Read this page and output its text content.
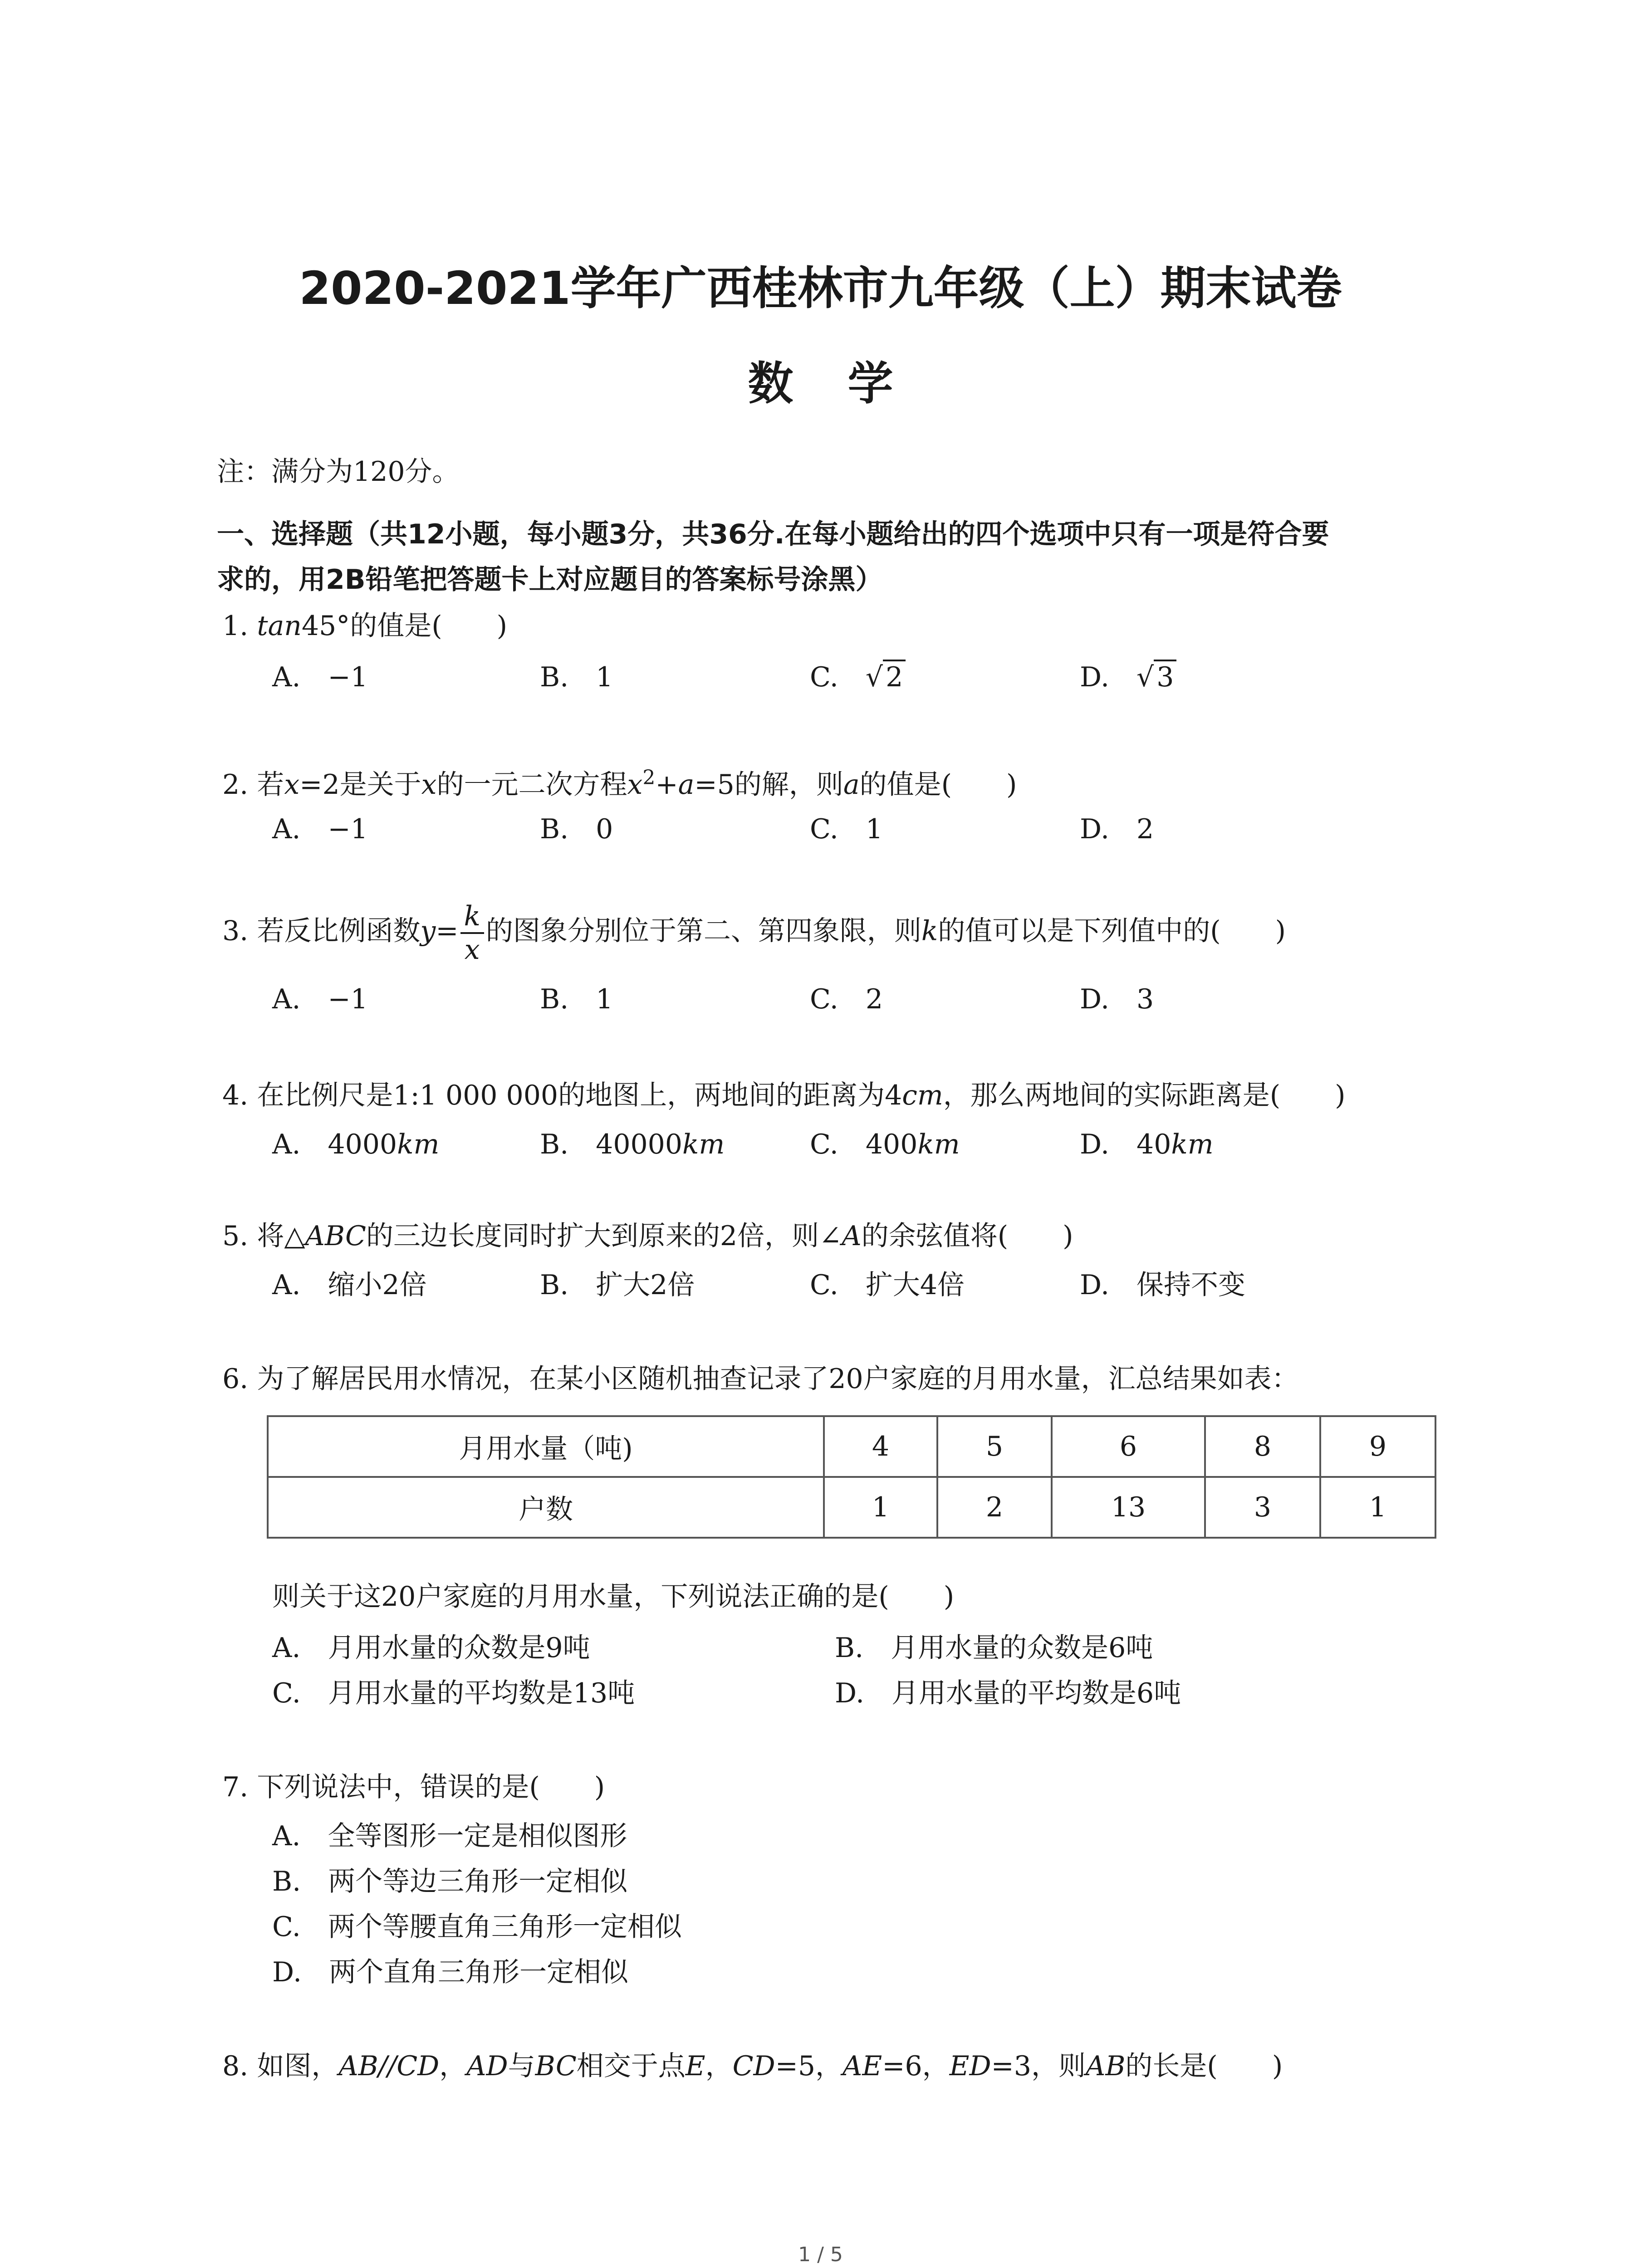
2020-2021学年广西桂林市九年级（上）期末试卷
数学
注：满分为120分。
一、选择题（共12小题，每小题3分，共36分.在每小题给出的四个选项中只有一项是符合要
求的，用2B铅笔把答题卡上对应题目的答案标号涂黑）
1. tan45°的值是(　　)
A.　−1	B.　1	C.　 √ 2	D.　 √ 3
2. 若x=2是关于x的一元二次方程$x^2+a=5$的解，则a的值是(　　)
A.　−1	B.　0	C.　1	D.　2
3. 若反比例函数$y= \frac{k}{x}$ 的图象分别位于第二、第四象限，则k的值可以是下列值中的(　　)
A.　−1	B.　1	C.　2	D.　3
4. 在比例尺是1:1 000 000的地图上，两地间的距离为4cm，那么两地间的实际距离是(　　)
A.　4000km	B.　40000km	C.　400km	D.　40km
5. 将△ABC的三边长度同时扩大到原来的2倍，则∠A的余弦值将(　　)
A.　缩小2倍	B.　扩大2倍	C.　扩大4倍	D.　保持不变
6. 为了解居民用水情况，在某小区随机抽查记录了20户家庭的月用水量，汇总结果如表：
月用水量（吨)	4	5	6	8	9
户数	1	2	13	3	1
则关于这20户家庭的月用水量，下列说法正确的是(　　)
A.　月用水量的众数是9吨	B.　月用水量的众数是6吨
C.　月用水量的平均数是13吨	D.　月用水量的平均数是6吨
7. 下列说法中，错误的是(　　)
A.　全等图形一定是相似图形
B.　两个等边三角形一定相似
C.　两个等腰直角三角形一定相似
D.　两个直角三角形一定相似
8. 如图，AB//CD，AD与BC相交于点E，CD=5，AE=6，ED=3，则AB的长是(　　)
1 / 5
